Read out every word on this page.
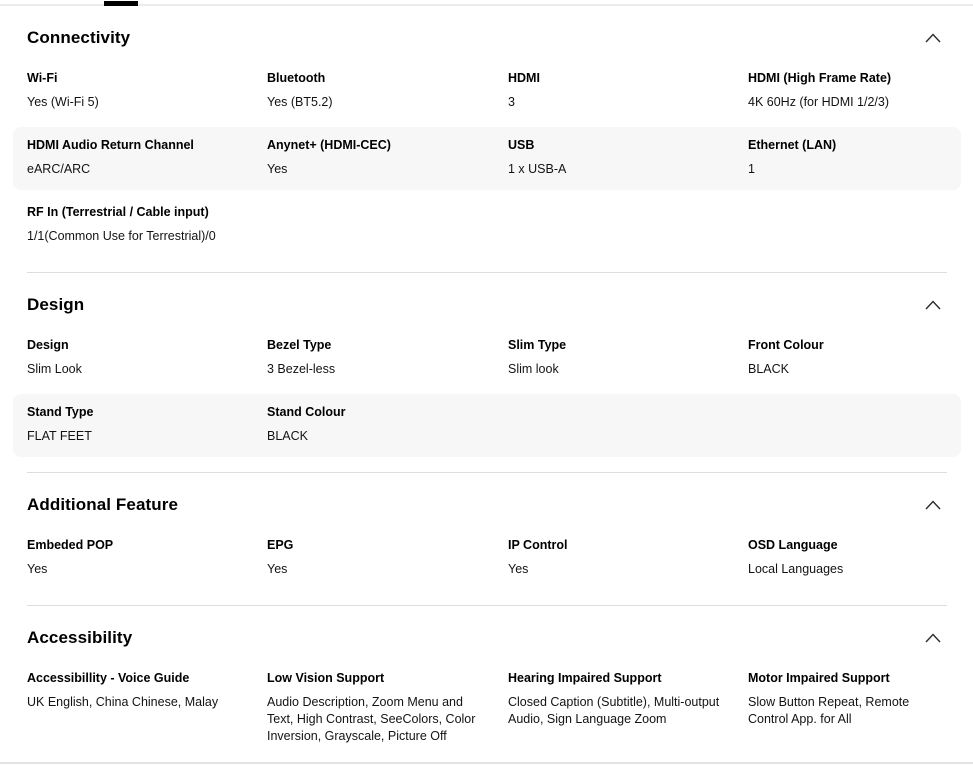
Connectivity
Wi-Fi
Yes (Wi-Fi 5)
Bluetooth
Yes (BT5.2)
HDMI
3
HDMI (High Frame Rate)
4K 60Hz (for HDMI 1/2/3)
HDMI Audio Return Channel
eARC/ARC
Anynet+ (HDMI-CEC)
Yes
USB
1 x USB-A
Ethernet (LAN)
1
RF In (Terrestrial / Cable input)
1/1(Common Use for Terrestrial)/0
Design
Design
Slim Look
Bezel Type
3 Bezel-less
Slim Type
Slim look
Front Colour
BLACK
Stand Type
FLAT FEET
Stand Colour
BLACK
Additional Feature
Embeded POP
Yes
EPG
Yes
IP Control
Yes
OSD Language
Local Languages
Accessibility
Accessibillity - Voice Guide
UK English, China Chinese, Malay
Low Vision Support
Audio Description, Zoom Menu and Text, High Contrast, SeeColors, Color Inversion, Grayscale, Picture Off
Hearing Impaired Support
Closed Caption (Subtitle), Multi-output Audio, Sign Language Zoom
Motor Impaired Support
Slow Button Repeat, Remote Control App. for All
